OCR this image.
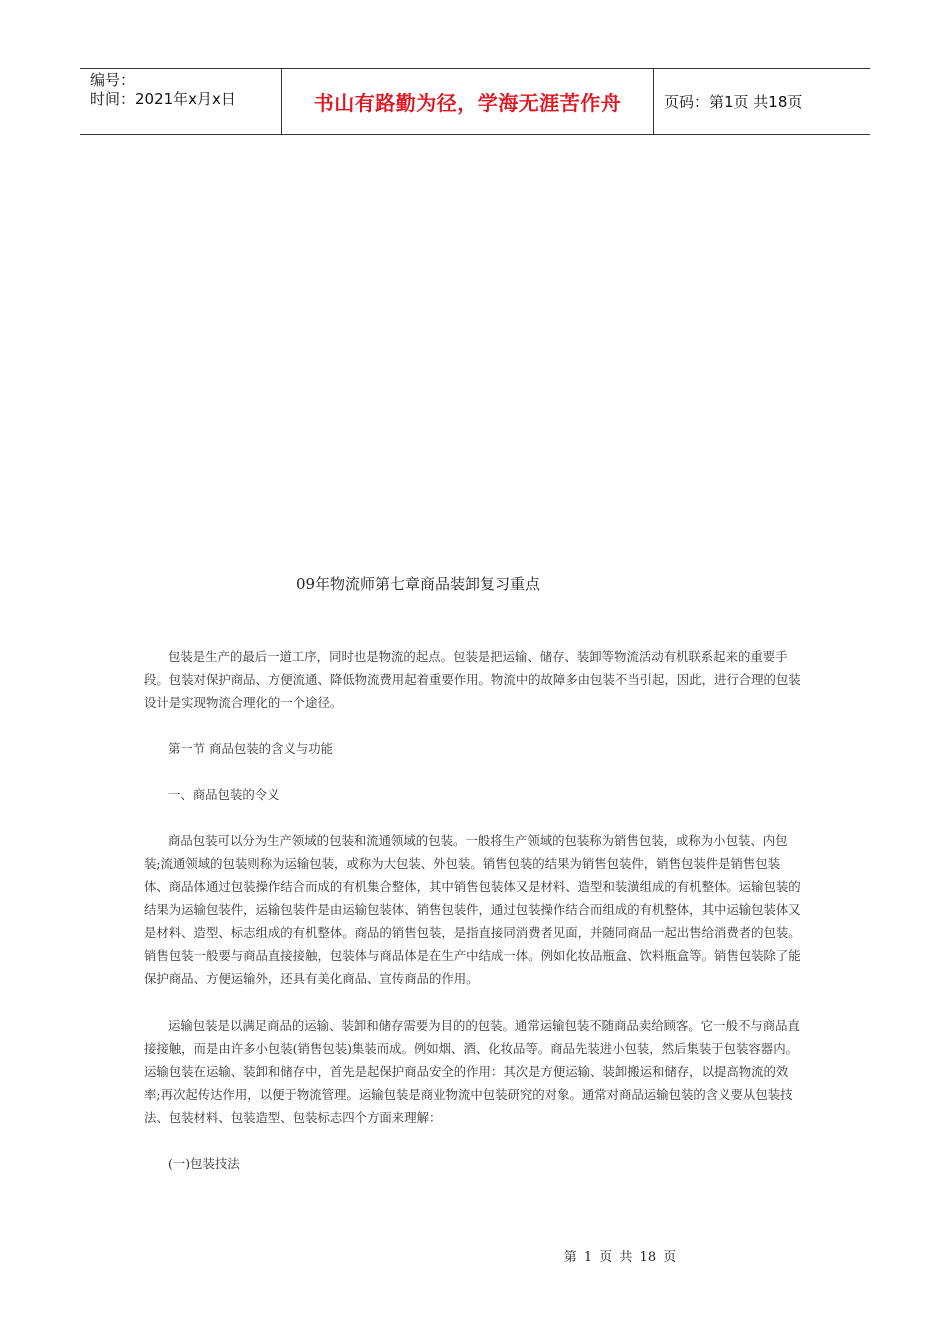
编号：
时间：2021年x月x日	书山有路勤为径，学海无涯苦作舟	页码：第1页 共18页
09年物流师第七章商品装卸复习重点

包装是生产的最后一道工序，同时也是物流的起点。包装是把运输、储存、装卸等物流活动有机联系起来的重要手段。包装对保护商品、方便流通、降低物流费用起着重要作用。物流中的故障多由包装不当引起，因此，进行合理的包装设计是实现物流合理化的一个途径。

第一节 商品包装的含义与功能

一、商品包装的令义

商品包装可以分为生产领域的包装和流通领域的包装。一般将生产领域的包装称为销售包装，或称为小包装、内包装;流通领域的包装则称为运输包装，或称为大包装、外包装。销售包装的结果为销售包装件，销售包装件是销售包装体、商品体通过包装操作结合而成的有机集合整体，其中销售包装体又是材料、造型和装潢组成的有机整体。运输包装的结果为运输包装件，运输包装件是由运输包装体、销售包装件，通过包装操作结合而组成的有机整体，其中运输包装体又是材料、造型、标志组成的有机整体。商品的销售包装，是指直接同消费者见面，并随同商品一起出售给消费者的包装。销售包装一般要与商品直接接触，包装体与商品体是在生产中结成一体。例如化妆品瓶盒、饮料瓶盒等。销售包装除了能保护商品、方便运输外，还具有美化商品、宣传商品的作用。

运输包装是以满足商品的运输、装卸和储存需要为目的的包装。通常运输包装不随商品卖给顾客。它一般不与商品直接接触，而是由许多小包装(销售包装)集装而成。例如烟、酒、化妆品等。商品先装进小包装，然后集装于包装容器内。运输包装在运输、装卸和储存中，首先是起保护商品安全的作用：其次是方便运输、装卸搬运和储存，以提高物流的效率;再次起传达作用，以便于物流管理。运输包装是商业物流中包装研究的对象。通常对商品运输包装的含义要从包装技法、包装材料、包装造型、包装标志四个方面来理解：

(一)包装技法

第 1 页 共 18 页
